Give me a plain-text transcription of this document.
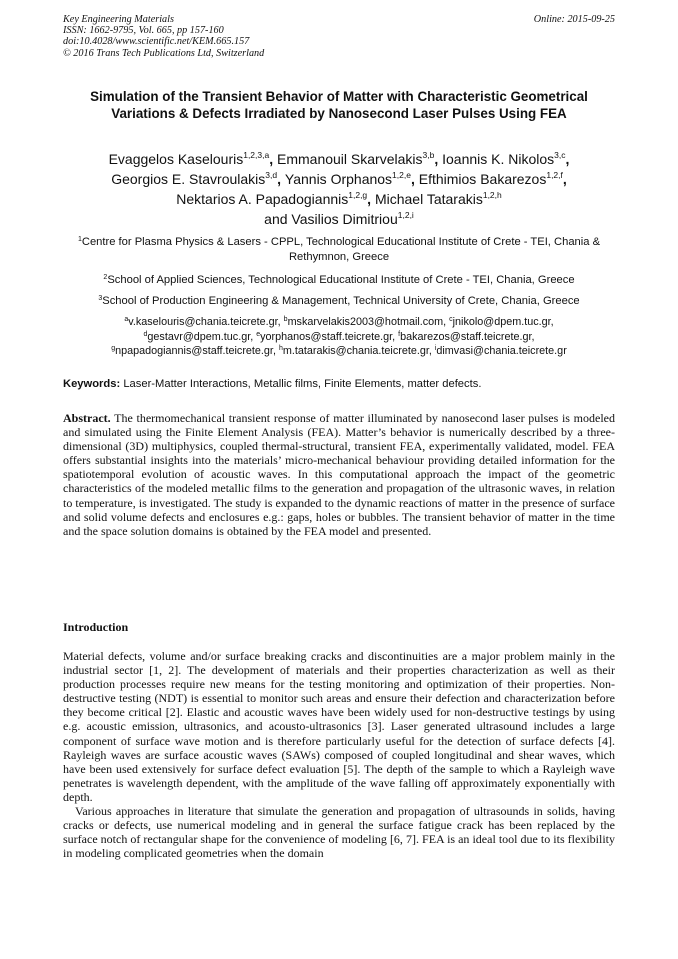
Key Engineering Materials
ISSN: 1662-9795, Vol. 665, pp 157-160
doi:10.4028/www.scientific.net/KEM.665.157
© 2016 Trans Tech Publications Ltd, Switzerland
Online: 2015-09-25
Simulation of the Transient Behavior of Matter with Characteristic Geometrical Variations & Defects Irradiated by Nanosecond Laser Pulses Using FEA
Evaggelos Kaselouris$^{1,2,3,a}$, Emmanouil Skarvelakis$^{3,b}$, Ioannis K. Nikolos$^{3,c}$,
Georgios E. Stavroulakis$^{3,d}$, Yannis Orphanos$^{1,2,e}$, Efthimios Bakarezos$^{1,2,f}$,
Nektarios A. Papadogiannis$^{1,2,g}$, Michael Tatarakis$^{1,2,h}$
and Vasilios Dimitriou$^{1,2,i}$
$^1$Centre for Plasma Physics & Lasers - CPPL, Technological Educational Institute of Crete - TEI, Chania & Rethymnon, Greece
$^2$School of Applied Sciences, Technological Educational Institute of Crete - TEI, Chania, Greece
$^3$School of Production Engineering & Management, Technical University of Crete, Chania, Greece
$^a$v.kaselouris@chania.teicrete.gr, $^b$mskarvelakis2003@hotmail.com, $^c$jnikolo@dpem.tuc.gr,
$^d$gestavr@dpem.tuc.gr, $^e$yorphanos@staff.teicrete.gr, $^f$bakarezos@staff.teicrete.gr,
$^g$npapadogiannis@staff.teicrete.gr, $^h$m.tatarakis@chania.teicrete.gr, $^i$dimvasi@chania.teicrete.gr
Keywords: Laser-Matter Interactions, Metallic films, Finite Elements, matter defects.
Abstract. The thermomechanical transient response of matter illuminated by nanosecond laser pulses is modeled and simulated using the Finite Element Analysis (FEA). Matter’s behavior is numerically described by a three-dimensional (3D) multiphysics, coupled thermal-structural, transient FEA, experimentally validated, model. FEA offers substantial insights into the materials’ micro-mechanical behaviour providing detailed information for the spatiotemporal evolution of acoustic waves. In this computational approach the impact of the geometric characteristics of the modeled metallic films to the generation and propagation of the ultrasonic waves, in relation to temperature, is investigated. The study is expanded to the dynamic reactions of matter in the presence of surface and solid volume defects and enclosures e.g.: gaps, holes or bubbles. The transient behavior of matter in the time and the space solution domains is obtained by the FEA model and presented.
Introduction
Material defects, volume and/or surface breaking cracks and discontinuities are a major problem mainly in the industrial sector [1, 2]. The development of materials and their properties characterization as well as their production processes require new means for the testing monitoring and optimization of their properties. Non-destructive testing (NDT) is essential to monitor such areas and ensure their defection and characterization before they become critical [2]. Elastic and acoustic waves have been widely used for non-destructive testings by using e.g. acoustic emission, ultrasonics, and acousto-ultrasonics [3]. Laser generated ultrasound includes a large component of surface wave motion and is therefore particularly useful for the detection of surface defects [4]. Rayleigh waves are surface acoustic waves (SAWs) composed of coupled longitudinal and shear waves, which have been used extensively for surface defect evaluation [5]. The depth of the sample to which a Rayleigh wave penetrates is wavelength dependent, with the amplitude of the wave falling off approximately exponentially with depth.
Various approaches in literature that simulate the generation and propagation of ultrasounds in solids, having cracks or defects, use numerical modeling and in general the surface fatigue crack has been replaced by the surface notch of rectangular shape for the convenience of modeling [6, 7]. FEA is an ideal tool due to its flexibility in modeling complicated geometries when the domain
